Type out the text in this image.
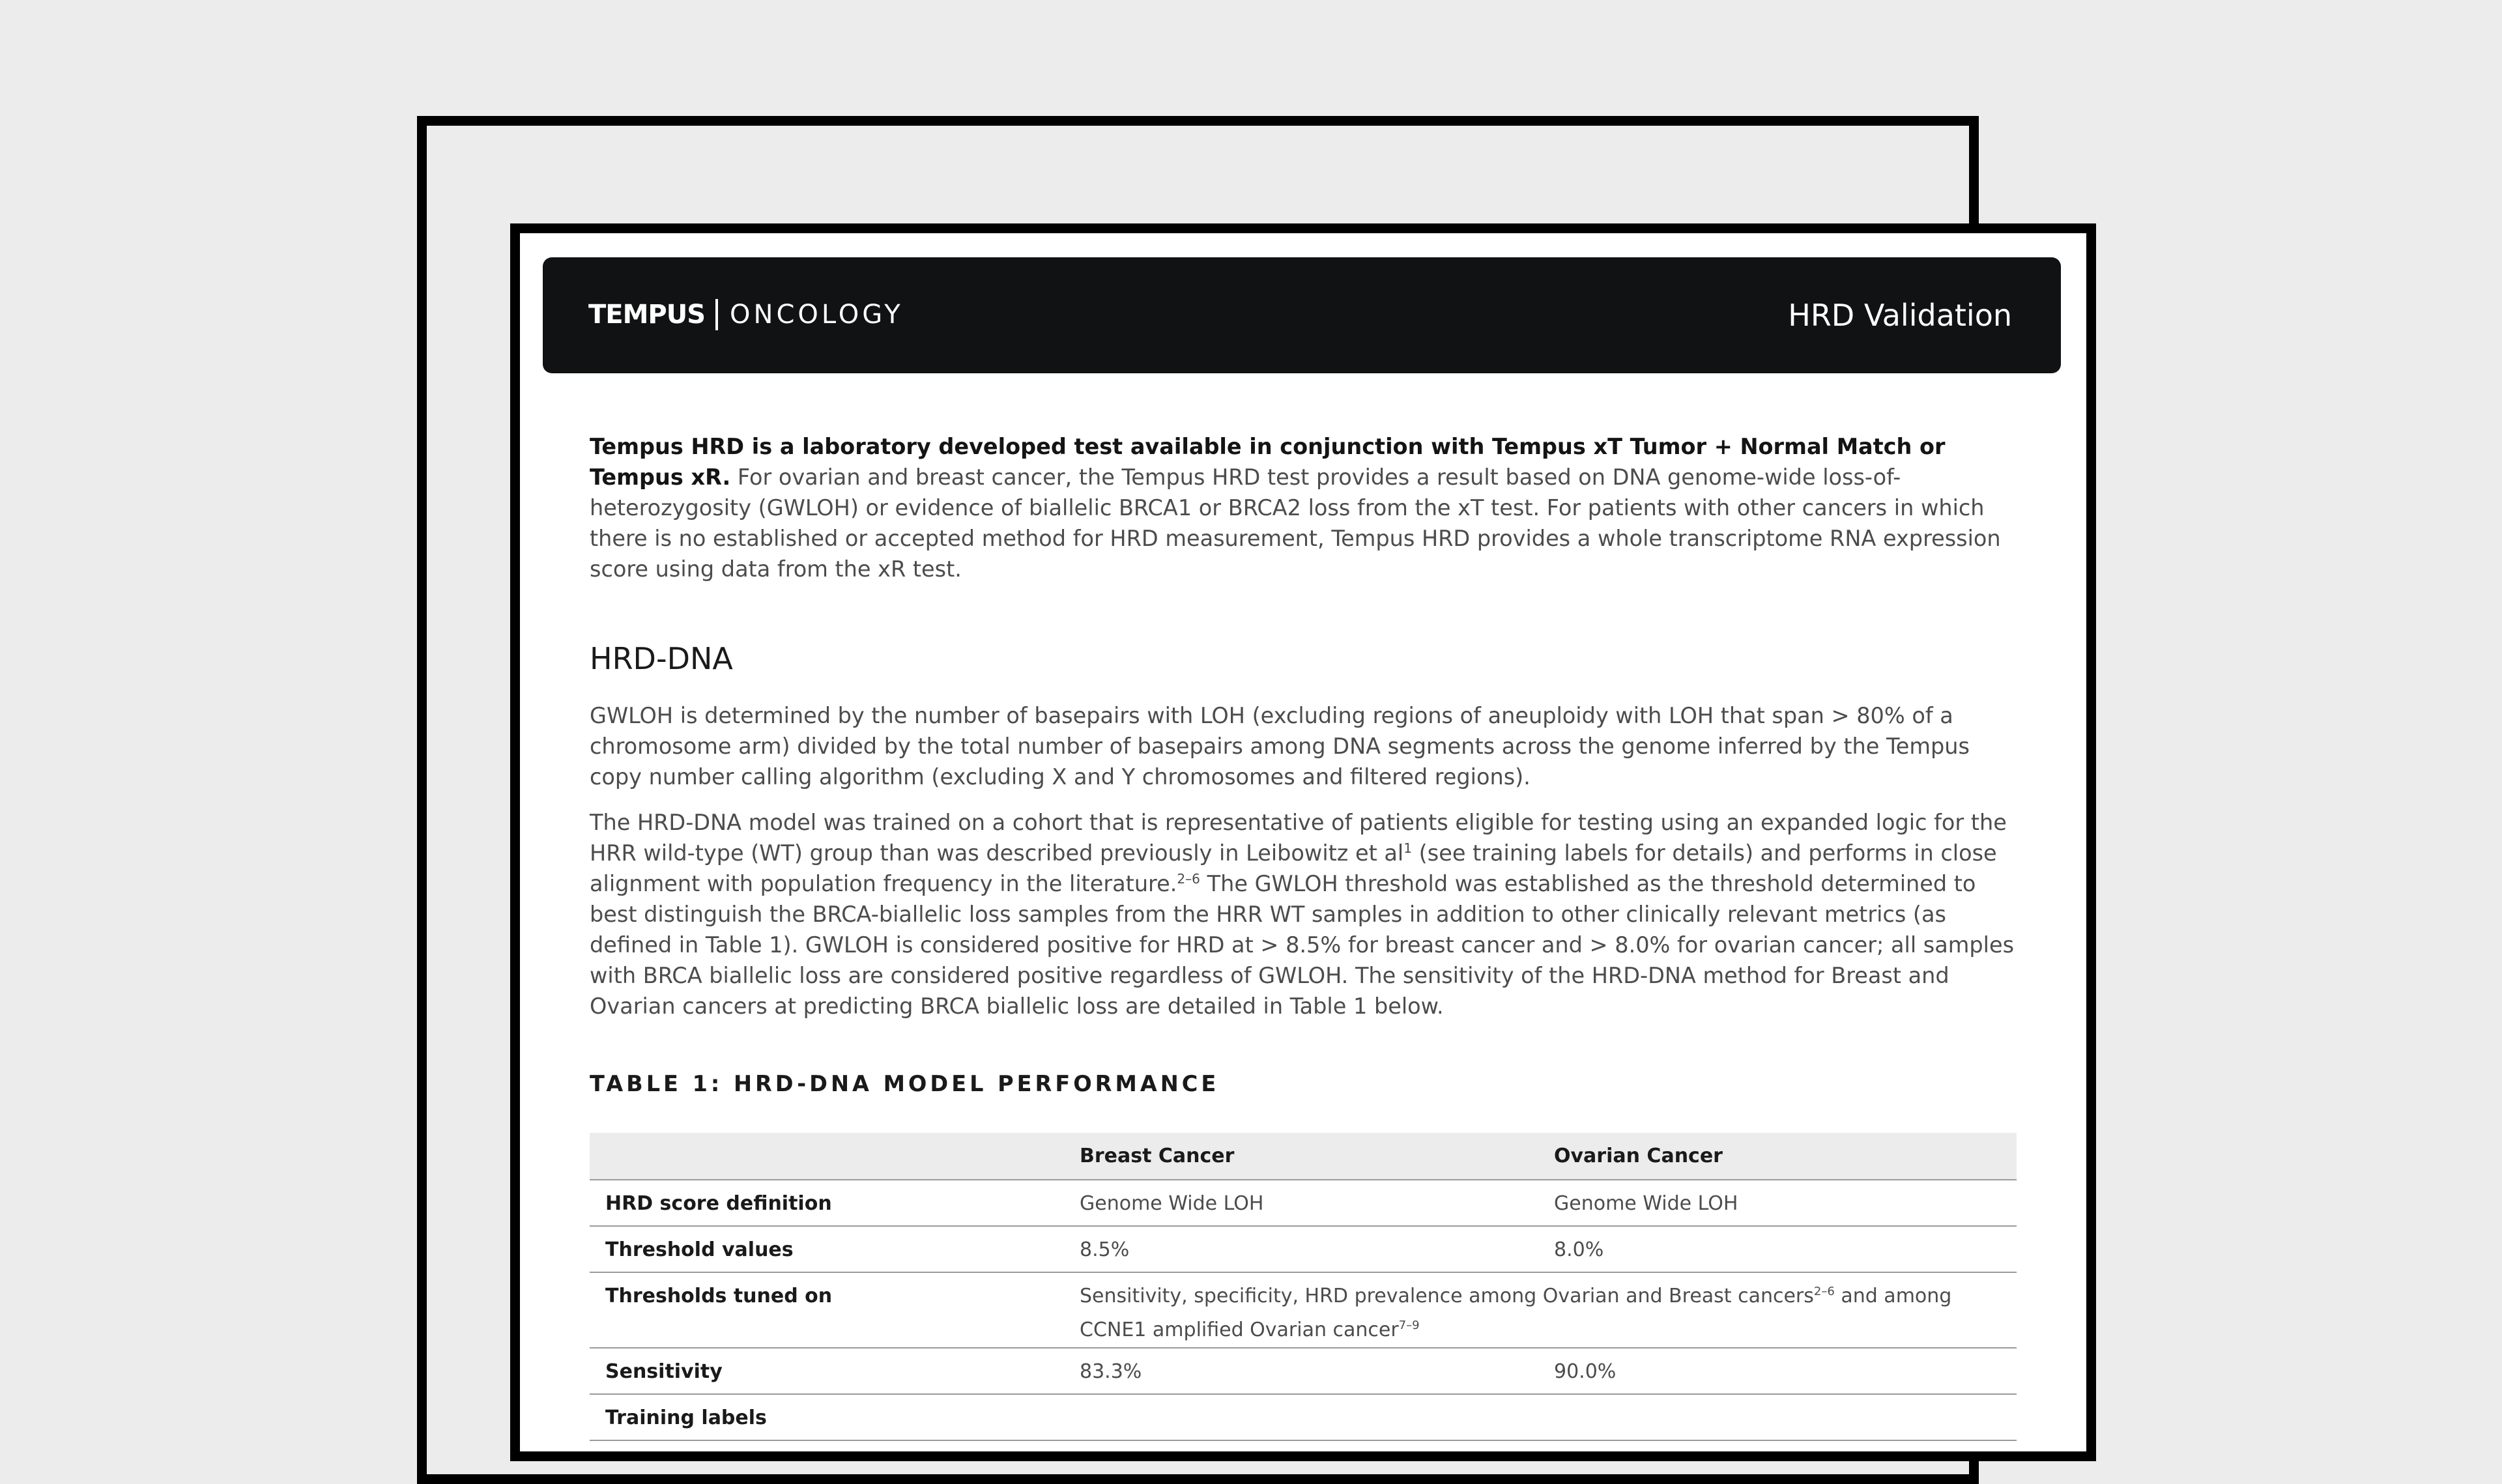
TEMPUS ONCOLOGY	HRD Validation

Tempus HRD is a laboratory developed test available in conjunction with Tempus xT Tumor + Normal Match or Tempus xR. For ovarian and breast cancer, the Tempus HRD test provides a result based on DNA genome-wide loss-of-heterozygosity (GWLOH) or evidence of biallelic BRCA1 or BRCA2 loss from the xT test. For patients with other cancers in which there is no established or accepted method for HRD measurement, Tempus HRD provides a whole transcriptome RNA expression score using data from the xR test.

HRD-DNA

GWLOH is determined by the number of basepairs with LOH (excluding regions of aneuploidy with LOH that span > 80% of a chromosome arm) divided by the total number of basepairs among DNA segments across the genome inferred by the Tempus copy number calling algorithm (excluding X and Y chromosomes and filtered regions).

The HRD-DNA model was trained on a cohort that is representative of patients eligible for testing using an expanded logic for the HRR wild-type (WT) group than was described previously in Leibowitz et $al^1$ (see training labels for details) and performs in close alignment with population frequency in the literature.$^{2-6}$ The GWLOH threshold was established as the threshold determined to best distinguish the BRCA-biallelic loss samples from the HRR WT samples in addition to other clinically relevant metrics (as defined in Table 1). GWLOH is considered positive for HRD at > 8.5% for breast cancer and > 8.0% for ovarian cancer; all samples with BRCA biallelic loss are considered positive regardless of GWLOH. The sensitivity of the HRD-DNA method for Breast and Ovarian cancers at predicting BRCA biallelic loss are detailed in Table 1 below.

TABLE 1: HRD-DNA MODEL PERFORMANCE
	Breast Cancer	Ovarian Cancer
HRD score definition	Genome Wide LOH	Genome Wide LOH
Threshold values	8.5%	8.0%
Thresholds tuned on	Sensitivity, specificity, HRD prevalence among Ovarian and Breast cancers$^{2-6}$ and among CCNE1 amplified Ovarian cancer$^{7-9}$
Sensitivity	83.3%	90.0%
Training labels		
